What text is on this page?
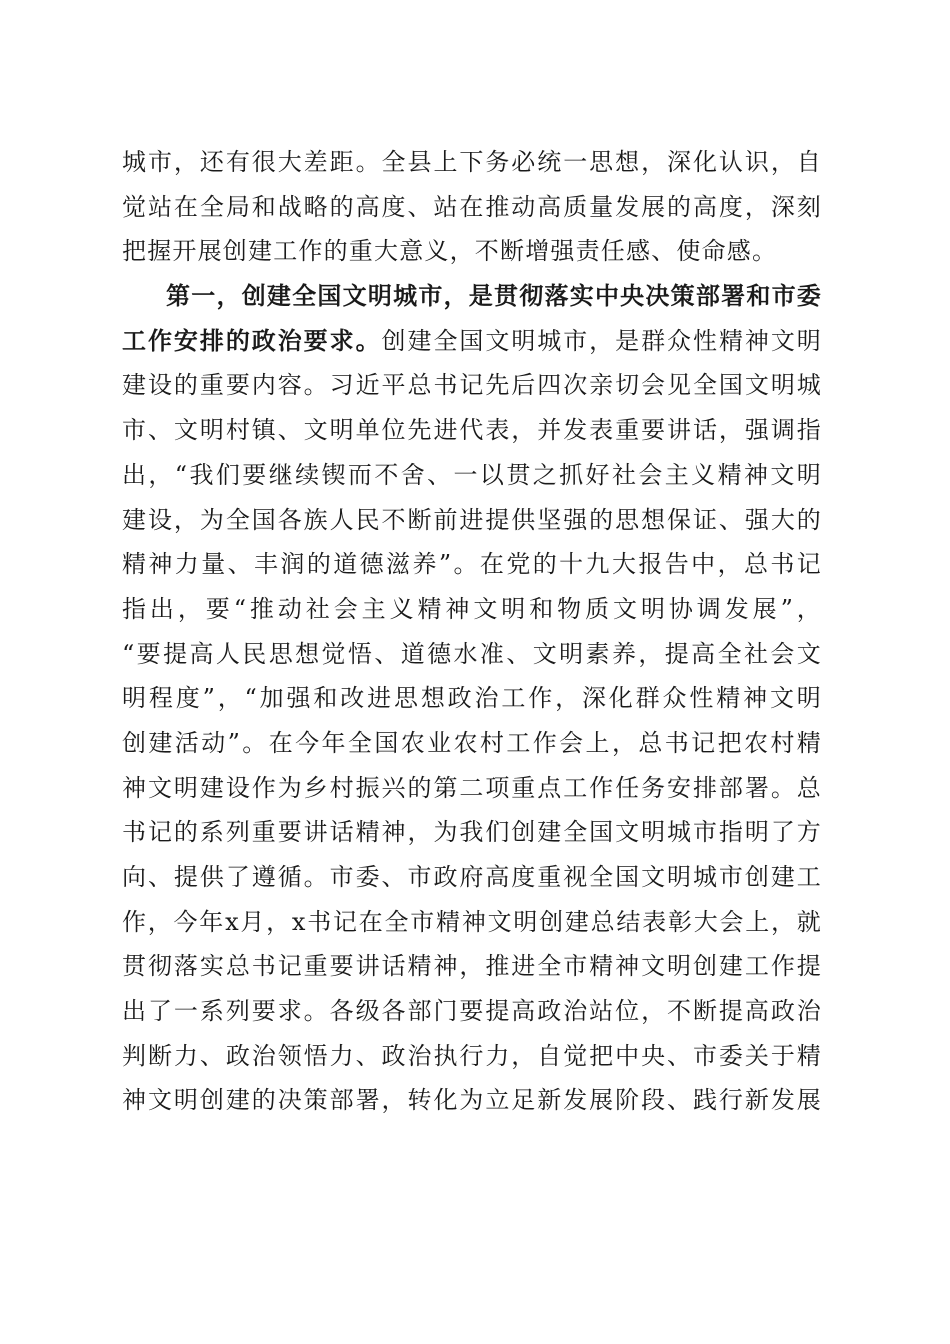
城市，还有很大差距。全县上下务必统一思想，深化认识，自
觉站在全局和战略的高度、站在推动高质量发展的高度，深刻
把握开展创建工作的重大意义，不断增强责任感、使命感。
第一，创建全国文明城市，是贯彻落实中央决策部署和市委
工作安排的政治要求。创建全国文明城市，是群众性精神文明
建设的重要内容。习近平总书记先后四次亲切会见全国文明城
市、文明村镇、文明单位先进代表，并发表重要讲话，强调指
出，“我们要继续锲而不舍、一以贯之抓好社会主义精神文明
建设，为全国各族人民不断前进提供坚强的思想保证、强大的
精神力量、丰润的道德滋养”。在党的十九大报告中，总书记
指出，要“推动社会主义精神文明和物质文明协调发展”，
“要提高人民思想觉悟、道德水准、文明素养，提高全社会文
明程度”，“加强和改进思想政治工作，深化群众性精神文明
创建活动”。在今年全国农业农村工作会上，总书记把农村精
神文明建设作为乡村振兴的第二项重点工作任务安排部署。总
书记的系列重要讲话精神，为我们创建全国文明城市指明了方
向、提供了遵循。市委、市政府高度重视全国文明城市创建工
作，今年x月，x书记在全市精神文明创建总结表彰大会上，就
贯彻落实总书记重要讲话精神，推进全市精神文明创建工作提
出了一系列要求。各级各部门要提高政治站位，不断提高政治
判断力、政治领悟力、政治执行力，自觉把中央、市委关于精
神文明创建的决策部署，转化为立足新发展阶段、践行新发展
